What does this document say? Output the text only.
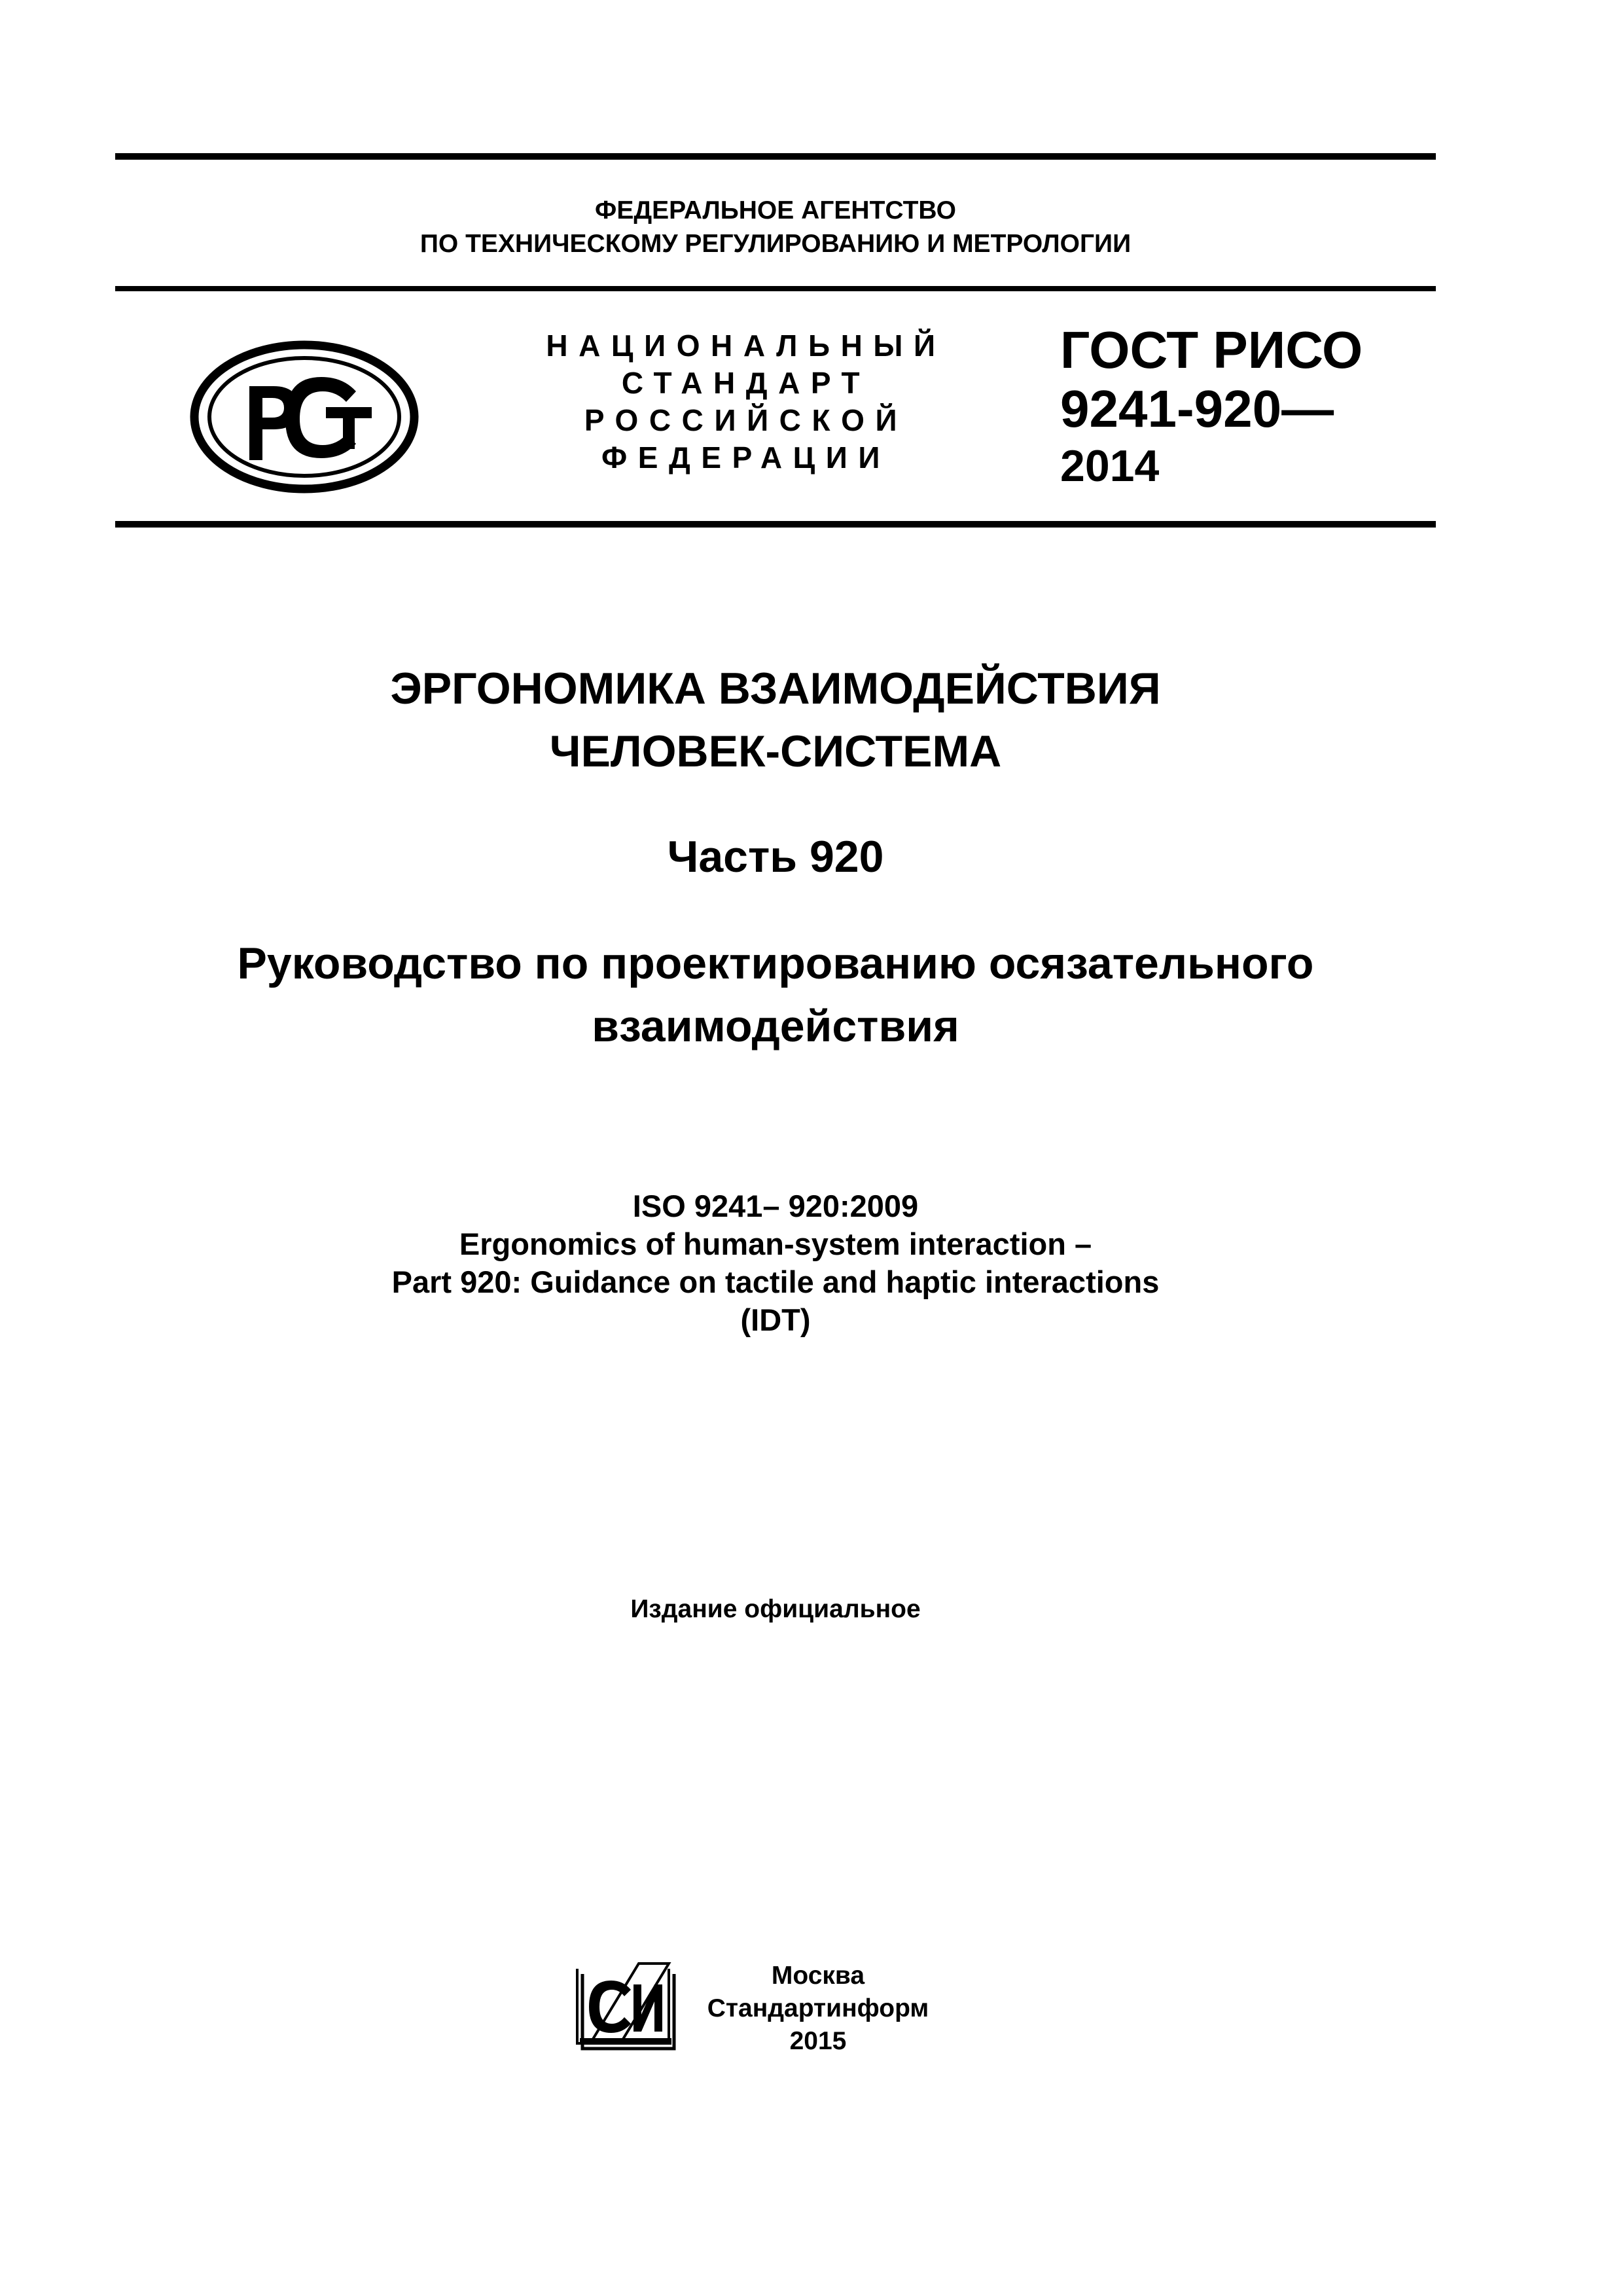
ФЕДЕРАЛЬНОЕ АГЕНТСТВО
ПО ТЕХНИЧЕСКОМУ РЕГУЛИРОВАНИЮ И МЕТРОЛОГИИ
РСТ
НАЦИОНАЛЬНЫЙ
СТАНДАРТ
РОССИЙСКОЙ
ФЕДЕРАЦИИ
ГОСТ РИСО
9241-920—
2014
ЭРГОНОМИКА ВЗАИМОДЕЙСТВИЯ
ЧЕЛОВЕК-СИСТЕМА
Часть 920
Руководство по проектированию осязательного
взаимодействия
ISO 9241– 920:2009
Ergonomics of human-system interaction –
Part 920: Guidance on tactile and haptic interactions
(IDT)
Издание официальное
СИ
Москва
Стандартинформ
2015
